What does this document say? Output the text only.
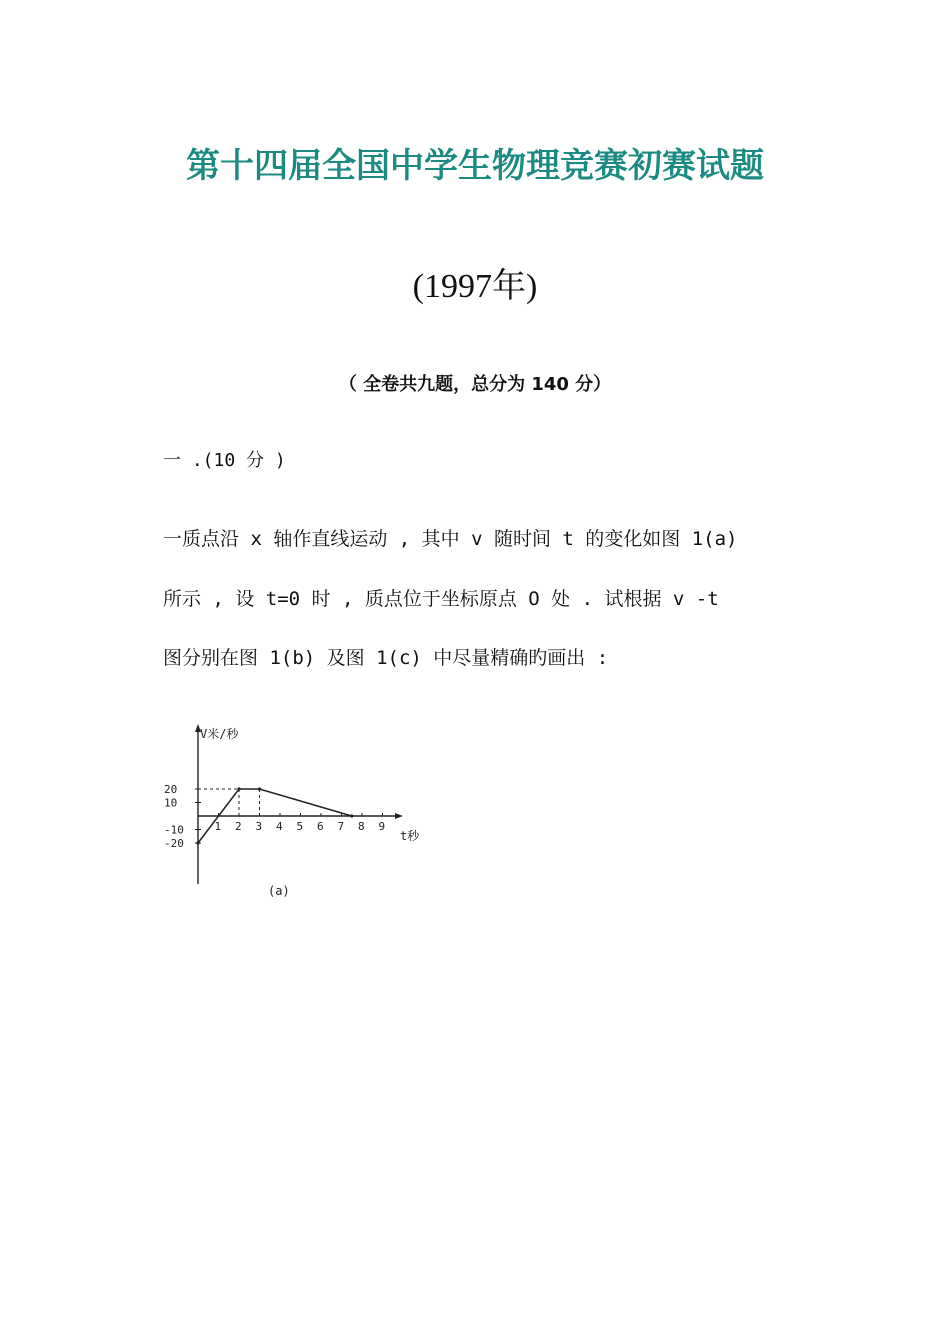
第十四届全国中学生物理竞赛初赛试题
(1997年)
（ 全卷共九题，总分为 140 分）
一 .(10 分 )
一质点沿 x 轴作直线运动 , 其中 v 随时间 t 的变化如图 1(a)
所示 , 设 t=0 时 , 质点位于坐标原点 O 处 . 试根据 v -t
图分别在图 1(b) 及图 1(c) 中尽量精确旳画出 :
V米/秒
t秒
(a)
1 2 3 4 5 6 7 8 9
20
10
-10
-20
